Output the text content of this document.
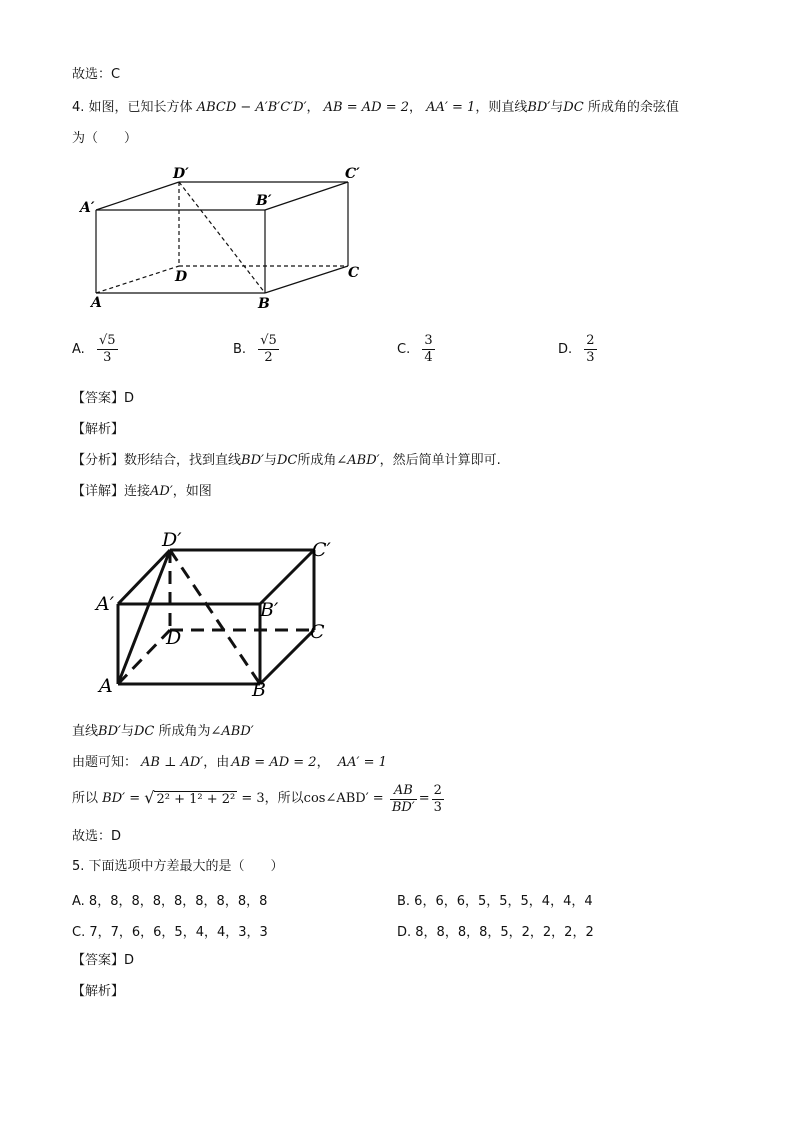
故选：C
4. 如图，已知长方体 ABCD − A′B′C′D′， AB = AD = 2， AA′ = 1，则直线BD′与DC 所成角的余弦值
为（　　）
D′	C′
A′	B′
D	C
A	B
A. $\frac{√5}{3}$	B. $\frac{√5}{2}$	C. $\frac{3}{4}$	D. $\frac{2}{3}$
【答案】D
【解析】
【分析】数形结合，找到直线BD′与DC所成角∠ABD′，然后简单计算即可.
【详解】连接AD′，如图
D′	C′
A′	B′
D	C
A	B
直线BD′与DC 所成角为∠ABD′
由题可知： AB ⊥ AD′，由 AB = AD = 2， AA′ = 1
所以 BD′ = √ 2² + 1² + 2² = 3，所以cos∠ABD′ = $\frac{AB}{BD'} = \frac{2}{3}$
故选：D
5. 下面选项中方差最大的是（　　）
A. 8，8，8，8，8，8，8，8，8	B. 6，6，6，5，5，5，4，4，4
C. 7，7，6，6，5，4，4，3，3	D. 8，8，8，8，5，2，2，2，2
【答案】D
【解析】
